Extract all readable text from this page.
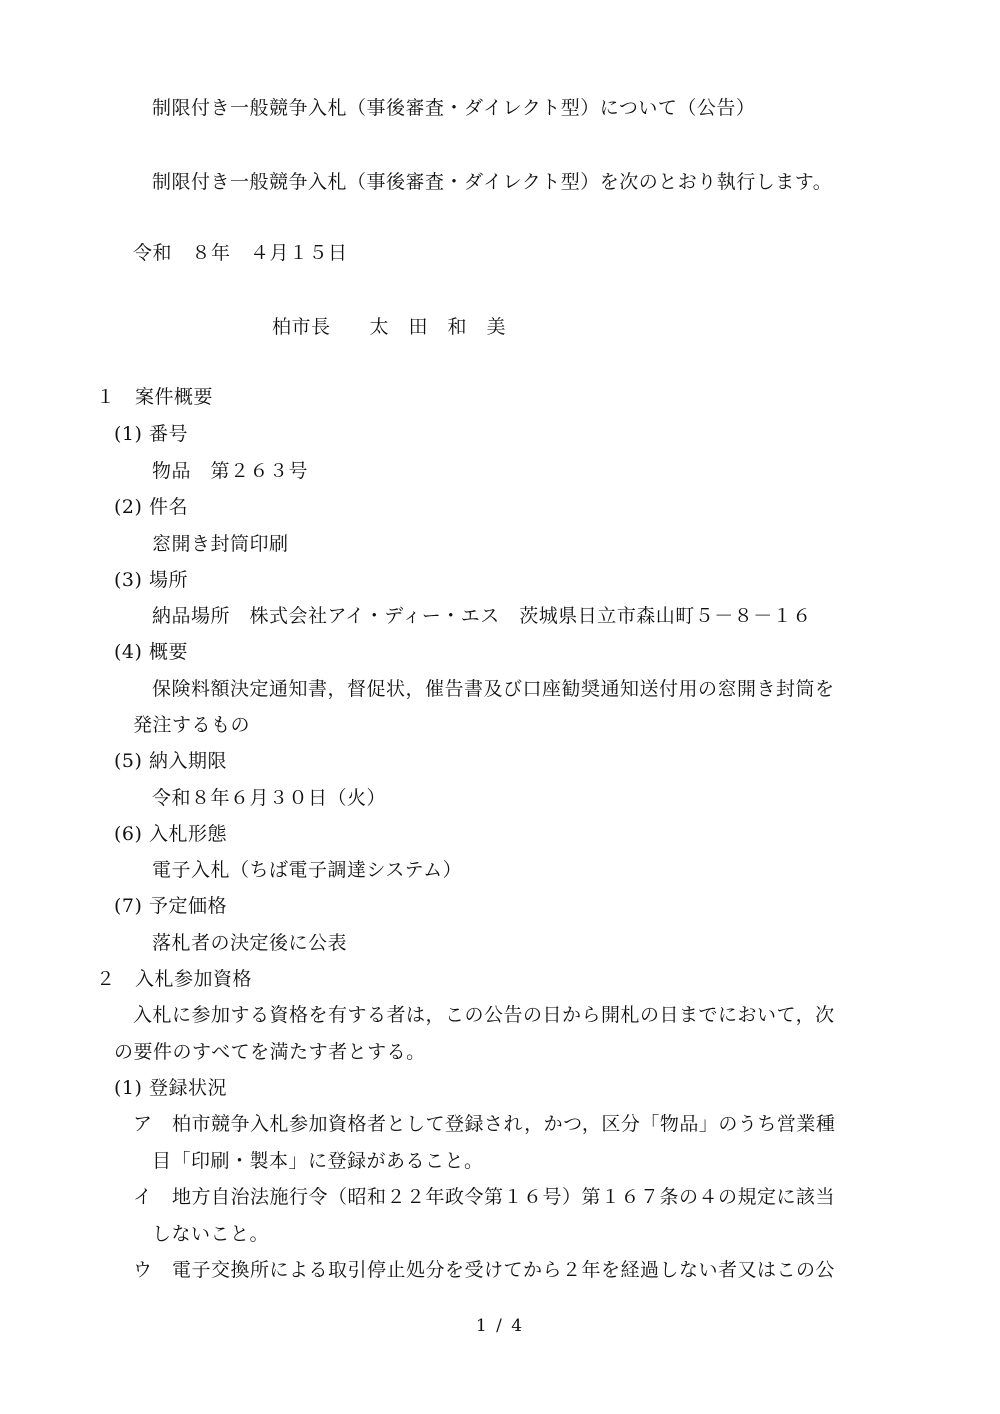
制限付き一般競争入札（事後審査・ダイレクト型）について（公告）
制限付き一般競争入札（事後審査・ダイレクト型）を次のとおり執行します。
令和　８年　４月１５日
柏市長　　太　田　和　美
１　案件概要
(1) 番号
物品　第２６３号
(2) 件名
窓開き封筒印刷
(3) 場所
納品場所　株式会社アイ・ディー・エス　茨城県日立市森山町５－８－１６
(4) 概要
保険料額決定通知書，督促状，催告書及び口座勧奨通知送付用の窓開き封筒を
発注するもの
(5) 納入期限
令和８年６月３０日（火）
(6) 入札形態
電子入札（ちば電子調達システム）
(7) 予定価格
落札者の決定後に公表
２　入札参加資格
入札に参加する資格を有する者は，この公告の日から開札の日までにおいて，次
の要件のすべてを満たす者とする。
(1) 登録状況
ア　柏市競争入札参加資格者として登録され，かつ，区分「物品」のうち営業種
目「印刷・製本」に登録があること。
イ　地方自治法施行令（昭和２２年政令第１６号）第１６７条の４の規定に該当
しないこと。
ウ　電子交換所による取引停止処分を受けてから２年を経過しない者又はこの公
1 / 4
